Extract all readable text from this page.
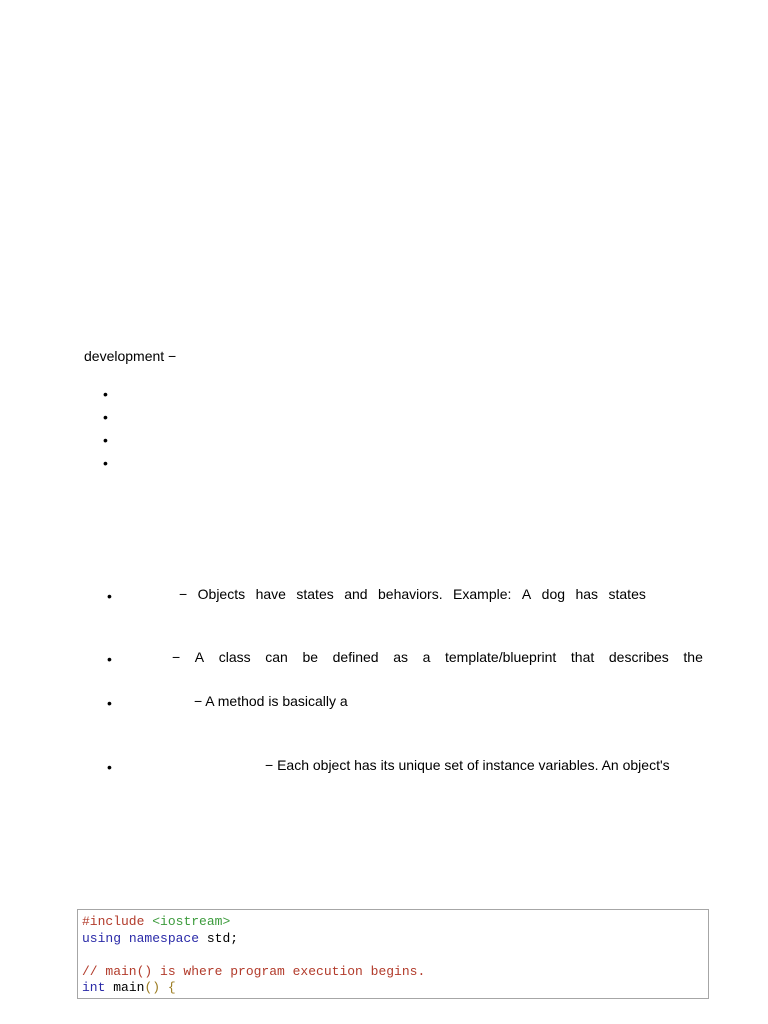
development −
•
•
•
•
•	− Objects have states and behaviors. Example: A dog has states
•	− A class can be defined as a template/blueprint that describes the
•	− A method is basically a
•	− Each object has its unique set of instance variables. An object's
#include <iostream>
using namespace std;

// main() is where program execution begins.
int main() {
